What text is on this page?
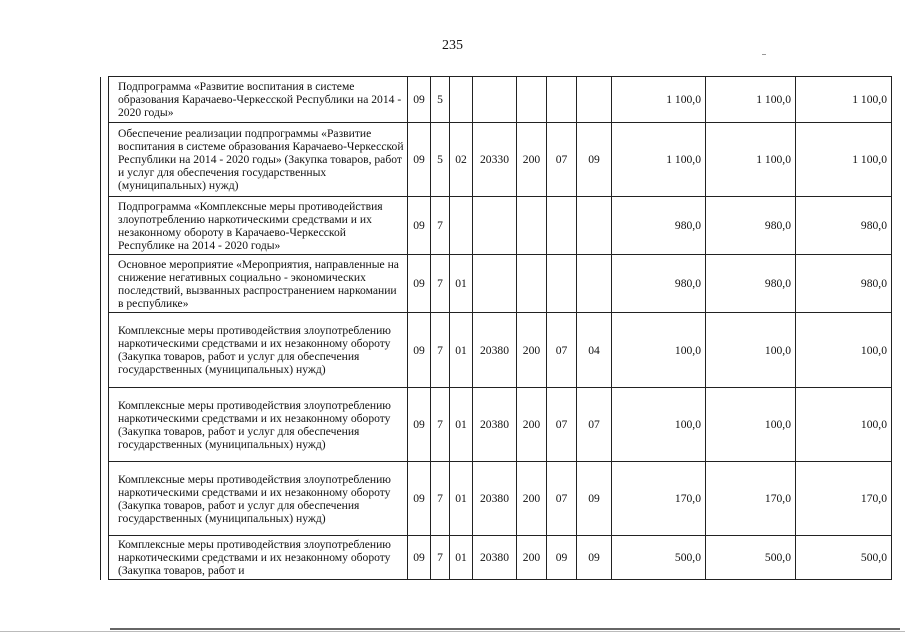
235
	Подпрограмма «Развитие воспитания в системе образования Карачаево-Черкесской Республики на 2014 - 2020 годы»	09	5						1 100,0	1 100,0	1 100,0
	Обеспечение реализации подпрограммы «Развитие воспитания в системе образования Карачаево-Черкесской Республики на 2014 - 2020 годы» (Закупка товаров, работ и услуг для обеспечения государственных (муниципальных) нужд)	09	5	02	20330	200	07	09	1 100,0	1 100,0	1 100,0
	Подпрограмма «Комплексные меры противодействия злоупотреблению наркотическими средствами и их незаконному обороту в Карачаево-Черкесской Республике на 2014 - 2020 годы»	09	7						980,0	980,0	980,0
	Основное мероприятие «Мероприятия, направленные на снижение негативных социально - экономических последствий, вызванных распространением наркомании в республике»	09	7	01					980,0	980,0	980,0
	Комплексные меры противодействия злоупотреблению наркотическими средствами и их незаконному обороту (Закупка товаров, работ и услуг для обеспечения государственных (муниципальных) нужд)	09	7	01	20380	200	07	04	100,0	100,0	100,0
	Комплексные меры противодействия злоупотреблению наркотическими средствами и их незаконному обороту (Закупка товаров, работ и услуг для обеспечения государственных (муниципальных) нужд)	09	7	01	20380	200	07	07	100,0	100,0	100,0
	Комплексные меры противодействия злоупотреблению наркотическими средствами и их незаконному обороту (Закупка товаров, работ и услуг для обеспечения государственных (муниципальных) нужд)	09	7	01	20380	200	07	09	170,0	170,0	170,0
	Комплексные меры противодействия злоупотреблению наркотическими средствами и их незаконному обороту (Закупка товаров, работ и	09	7	01	20380	200	09	09	500,0	500,0	500,0
